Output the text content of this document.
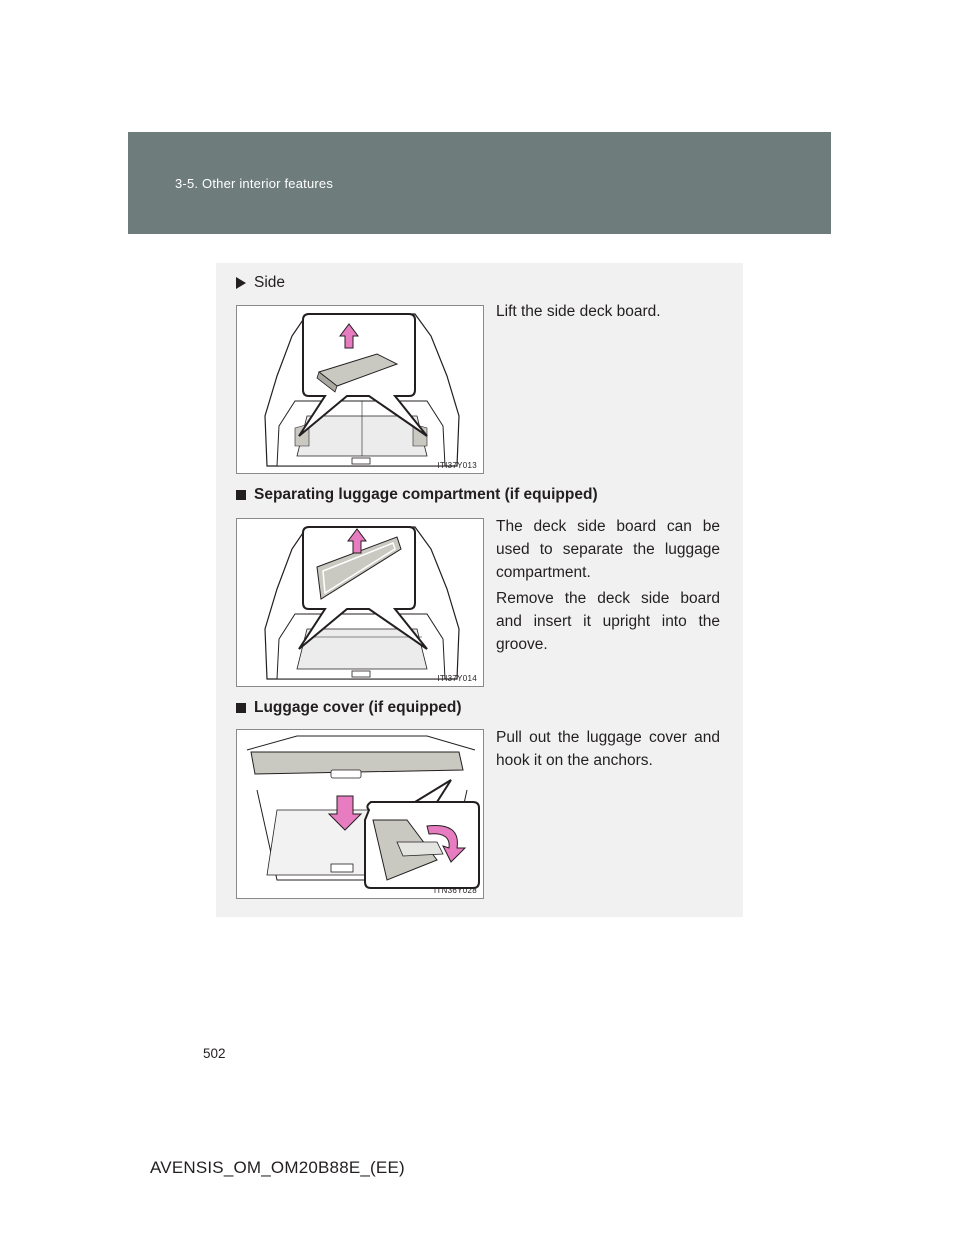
3-5. Other interior features
Side
Lift the side deck board.
ITI37Y013
Separating luggage compartment (if equipped)
The deck side board can be used to separate the luggage compartment.
Remove the deck side board and insert it upright into the groove.
ITI37Y014
Luggage cover (if equipped)
Pull out the luggage cover and hook it on the anchors.
ITN36Y028
502
AVENSIS_OM_OM20B88E_(EE)
